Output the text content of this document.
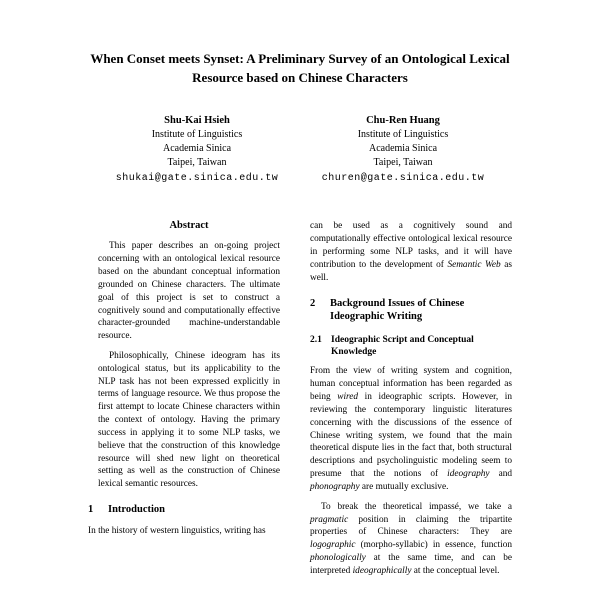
When Conset meets Synset: A Preliminary Survey of an Ontological Lexical Resource based on Chinese Characters
Shu-Kai Hsieh
Institute of Linguistics
Academia Sinica
Taipei, Taiwan
shukai@gate.sinica.edu.tw
Chu-Ren Huang
Institute of Linguistics
Academia Sinica
Taipei, Taiwan
churen@gate.sinica.edu.tw
Abstract

This paper describes an on-going project concerning with an ontological lexical resource based on the abundant conceptual information grounded on Chinese characters. The ultimate goal of this project is set to construct a cognitively sound and computationally effective character-grounded machine-understandable resource.

Philosophically, Chinese ideogram has its ontological status, but its applicability to the NLP task has not been expressed explicitly in terms of language resource. We thus propose the first attempt to locate Chinese characters within the context of ontology. Having the primary success in applying it to some NLP tasks, we believe that the construction of this knowledge resource will shed new light on theoretical setting as well as the construction of Chinese lexical semantic resources.

1	Introduction

In the history of western linguistics, writing has

can be used as a cognitively sound and computationally effective ontological lexical resource in performing some NLP tasks, and it will have contribution to the development of Semantic Web as well.

2	Background Issues of Chinese Ideographic Writing
2.1 Ideographic Script and Conceptual Knowledge

From the view of writing system and cognition, human conceptual information has been regarded as being wired in ideographic scripts. However, in reviewing the contemporary linguistic literatures concerning with the discussions of the essence of Chinese writing system, we found that the main theoretical dispute lies in the fact that, both structural descriptions and psycholinguistic modeling seem to presume that the notions of ideography and phonography are mutually exclusive.

To break the theoretical impassé, we take a pragmatic position in claiming the tripartite properties of Chinese characters: They are logographic (morpho-syllabic) in essence, function phonologically at the same time, and can be interpreted ideographically at the conceptual level.
